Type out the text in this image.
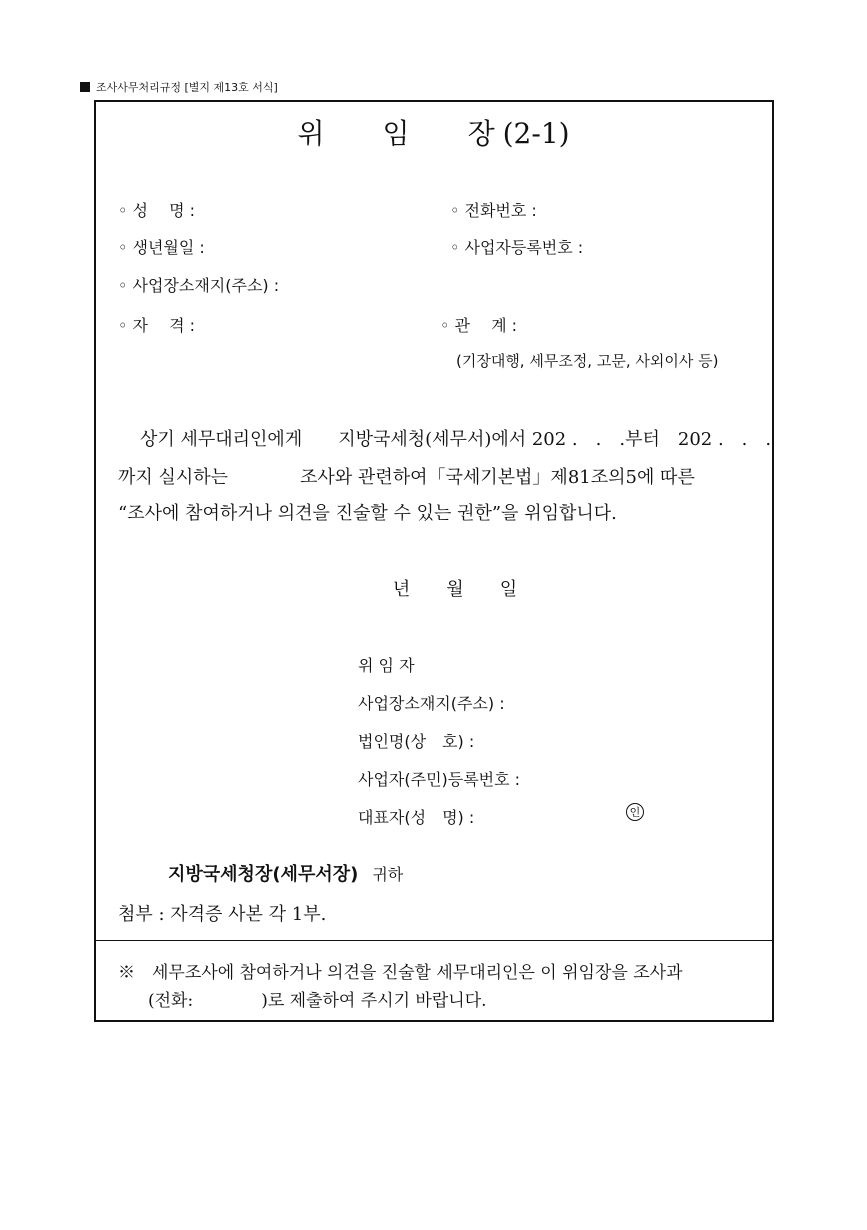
조사사무처리규정 [별지 제13호 서식]
위 임 장 (2-1)
◦ 성　 명 :	◦ 전화번호 :
◦ 생년월일 :	◦ 사업자등록번호 :
◦ 사업장소재지(주소) :
◦ 자　 격 :	◦ 관　 계 :
(기장대행, 세무조정, 고문, 사외이사 등)
상기 세무대리인에게　　지방국세청(세무서)에서 202 .　.　.부터　202 .　.　.
까지 실시하는　　　　조사와 관련하여「국세기본법」제81조의5에 따른
“조사에 참여하거나 의견을 진술할 수 있는 권한”을 위임합니다.
년 월 일
위 임 자
사업장소재지(주소) :
법인명(상　호) :
사업자(주민)등록번호 :
대표자(성　명) :	인
지방국세청장(세무서장) 귀하
첨부 : 자격증 사본 각 1부.
※　세무조사에 참여하거나 의견을 진술할 세무대리인은 이 위임장을 조사과
(전화:　　　　)로 제출하여 주시기 바랍니다.
